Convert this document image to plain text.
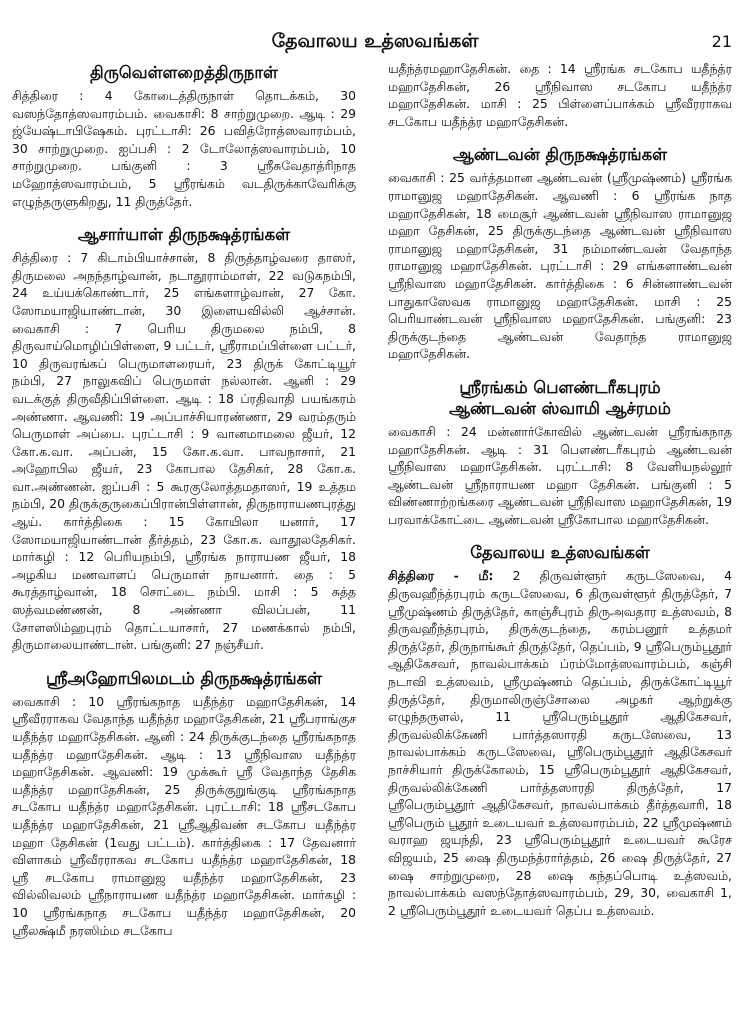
தேவாலய உத்ஸவங்கள்	21
திருவெள்ளறைத்திருநாள்

சித்திரை : 4 கோடைத்திருநாள் தொடக்கம், 30 வஸந்தோத்ஸவாரம்பம். வைகாசி: 8 சாற்றுமுறை. ஆடி : 29 ஜ்யேஷ்டாபிஷேகம். புரட்டாசி: 26 பவித்ரோத்ஸவாரம்பம், 30 சாற்றுமுறை. ஐப்பசி : 2 டோலோத்ஸவாரம்பம், 10 சாற்றுமுறை. பங்குனி : 3 ஸ்ரீசுவேதாத்ரிநாத மஹோத்ஸவாரம்பம், 5 ஸ்ரீரங்கம் வடதிருக்காவேரிக்கு எழுந்தருளுகிறது, 11 திருத்தேர்.

ஆசார்யாள் திருநக்ஷத்ரங்கள்

சித்திரை : 7 கிடாம்பியாச்சான், 8 திருத்தாழ்வரை தாஸர், திருமலை அநந்தாழ்வான், நடாதூராம்மாள், 22 வடுகநம்பி, 24 உய்யக்கொண்டார், 25 எங்களாழ்வான், 27 கோ. ஸோமயாஜியாண்டான், 30 இளையவில்லி ஆச்சான். வைகாசி : 7 பெரிய திருமலை நம்பி, 8 திருவாய்மொழிப்பிள்ளை, 9 பட்டர், ஸ்ரீராமப்பிள்ளை பட்டர், 10 திருவரங்கப் பெருமாளரையர், 23 திருக் கோட்டியூர் நம்பி, 27 நாலுகவிப் பெருமாள் நல்லான். ஆனி : 29 வடக்குத் திருவீதிப்பிள்ளை. ஆடி : 18 ப்ரதிவாதி பயங்கரம் அண்ணா. ஆவணி: 19 அப்பாச்சியாரண்ணா, 29 வரம்தரும் பெருமாள் அப்பை. புரட்டாசி : 9 வானமாமலை ஜீயர், 12 கோ.க.வா. அப்பன், 15 கோ.க.வா. பாவநாசார், 21 அஹோபில ஜீயர், 23 கோபால தேசிகர், 28 கோ.க. வா.அண்ணன். ஐப்பசி : 5 கூரகுலோத்தமதாஸர், 19 உத்தம நம்பி, 20 திருக்குருகைப்பிரான்பிள்ளான், திருநாராயணபுரத்து ஆய். கார்த்திகை : 15 கோயிலா யனார், 17 ஸோமயாஜியாண்டான் தீர்த்தம், 23 கோ.க. வாதூலதேசிகர். மார்கழி : 12 பெரியநம்பி, ஸ்ரீரங்க நாராயண ஜீயர், 18 அழகிய மணவாளப் பெருமாள் நாயனார். தை : 5 கூரத்தாழ்வான், 18 சொட்டை நம்பி. மாசி : 5 சுத்த ஸத்வமண்ணன், 8 அண்ணா விலப்பன், 11 சோளஸிம்ஹபுரம் தொட்டயாசார், 27 மணக்கால் நம்பி, திருமாலையாண்டான். பங்குனி: 27 நஞ்சீயர்.

ஸ்ரீஅஹோபிலமடம் திருநக்ஷத்ரங்கள்

வைகாசி : 10 ஸ்ரீரங்கநாத யதீந்த்ர மஹாதேசிகன், 14 ஸ்ரீவீரராகவ வேதாந்த யதீந்த்ர மஹாதேசிகன், 21 ஸ்ரீபராங்குச யதீந்த்ர மஹாதேசிகன். ஆனி : 24 திருக்குடந்தை ஸ்ரீரங்கநாத யதீந்த்ர மஹாதேசிகன். ஆடி : 13 ஸ்ரீநிவாஸ யதீந்த்ர மஹாதேசிகன். ஆவணி: 19 முக்கூர் ஸ்ரீ வேதாந்த தேசிக யதீந்த்ர மஹாதேசிகன், 25 திருக்குறுங்குடி ஸ்ரீரங்கநாத சடகோப யதீந்த்ர மஹாதேசிகன். புரட்டாசி: 18 ஸ்ரீசடகோப யதீந்த்ர மஹாதேசிகன், 21 ஸ்ரீஆதிவண் சடகோப யதீந்த்ர மஹா தேசிகன் (1வது பட்டம்). கார்த்திகை : 17 தேவனார் விளாகம் ஸ்ரீவீரராகவ சடகோப யதீந்த்ர மஹாதேசிகன், 18 ஸ்ரீ சடகோப ராமானுஜ யதீந்த்ர மஹாதேசிகன், 23 வில்லிவலம் ஸ்ரீநாராயண யதீந்த்ர மஹாதேசிகன். மார்கழி : 10 ஸ்ரீரங்கநாத சடகோப யதீந்த்ர மஹாதேசிகன், 20 ஸ்ரீலக்ஷ்மீ நரஸிம்ம சடகோப

யதீந்த்ரமஹாதேசிகன். தை : 14 ஸ்ரீரங்க சடகோப யதீந்த்ர மஹாதேசிகன், 26 ஸ்ரீநிவாஸ சடகோப யதீந்த்ர மஹாதேசிகன். மாசி : 25 பிள்ளைப்பாக்கம் ஸ்ரீவீரராகவ சடகோப யதீந்த்ர மஹாதேசிகன்.

ஆண்டவன் திருநக்ஷத்ரங்கள்

வைகாசி : 25 வர்த்தமான ஆண்டவன் (ஸ்ரீமுஷ்ணம்) ஸ்ரீரங்க ராமானுஜ மஹாதேசிகன். ஆவணி : 6 ஸ்ரீரங்க நாத மஹாதேசிகன், 18 மைசூர் ஆண்டவன் ஸ்ரீநிவாஸ ராமானுஜ மஹா தேசிகன், 25 திருக்குடந்தை ஆண்டவன் ஸ்ரீநிவாஸ ராமானுஜ மஹாதேசிகன், 31 நம்மாண்டவன் வேதாந்த ராமானுஜ மஹாதேசிகன். புரட்டாசி : 29 எங்களாண்டவன் ஸ்ரீநிவாஸ மஹாதேசிகன். கார்த்திகை : 6 சின்னாண்டவன் பாதுகாஸேவக ராமானுஜ மஹாதேசிகன். மாசி : 25 பெரியாண்டவன் ஸ்ரீநிவாஸ மஹாதேசிகன். பங்குனி: 23 திருக்குடந்தை ஆண்டவன் வேதாந்த ராமானுஜ மஹாதேசிகன்.

ஸ்ரீரங்கம் பௌண்டரீகபுரம்
ஆண்டவன் ஸ்வாமி ஆச்ரமம்

வைகாசி : 24 மன்னார்கோவில் ஆண்டவன் ஸ்ரீரங்கநாத மஹாதேசிகன். ஆடி : 31 பௌண்டரீகபுரம் ஆண்டவன் ஸ்ரீநிவாஸ மஹாதேசிகன். புரட்டாசி: 8 வேளியநல்லூர் ஆண்டவன் ஸ்ரீநாராயண மஹா தேசிகன். பங்குனி : 5 விண்ணாற்றங்கரை ஆண்டவன் ஸ்ரீநிவாஸ மஹாதேசிகன், 19 பரவாக்கோட்டை ஆண்டவன் ஸ்ரீகோபால மஹாதேசிகன்.

தேவாலய உத்ஸவங்கள்

சித்திரை - மீ: 2 திருவள்ளூர் கருடஸேவை, 4 திருவஹீந்த்ரபுரம் கருடஸேவை, 6 திருவள்ளூர் திருத்தேர், 7 ஸ்ரீமுஷ்ணம் திருத்தேர், காஞ்சீபுரம் திருஅவதார உத்ஸவம், 8 திருவஹீந்த்ரபுரம், திருக்குடந்தை, கரம்பனூர் உத்தமர் திருத்தேர், திருநாங்கூர் திருத்தேர், தெப்பம், 9 ஸ்ரீபெரும்பூதூர் ஆதிகேசவர், நாவல்பாக்கம் ப்ரம்மோத்ஸவாரம்பம், கஞ்சி நடாவி உத்ஸவம், ஸ்ரீமுஷ்ணம் தெப்பம், திருக்கோட்டியூர் திருத்தேர், திருமாலிருஞ்சோலை அழகர் ஆற்றுக்கு எழுந்தருளல், 11 ஸ்ரீபெரும்பூதூர் ஆதிகேசவர், திருவல்லிக்கேணி பார்த்தஸாரதி கருடஸேவை, 13 நாவல்பாக்கம் கருடஸேவை, ஸ்ரீபெரும்பூதூர் ஆதிகேசவர் நாச்சியார் திருக்கோலம், 15 ஸ்ரீபெரும்பூதூர் ஆதிகேசவர், திருவல்லிக்கேணி பார்த்தஸாரதி திருத்தேர், 17 ஸ்ரீபெரும்பூதூர் ஆதிகேசவர், நாவல்பாக்கம் தீர்த்தவாரி, 18 ஸ்ரீபெரும் பூதூர் உடையவர் உத்ஸவாரம்பம், 22 ஸ்ரீமுஷ்ணம் வராஹ ஜயந்தி, 23 ஸ்ரீபெரும்பூதூர் உடையவர் கூரேச விஜயம், 25 ஷை திருமந்த்ரார்த்தம், 26 ஷை திருத்தேர், 27 ஷை சாற்றுமுறை, 28 ஷை கந்தப்பொடி உத்ஸவம், நாவல்பாக்கம் வஸந்தோத்ஸவாரம்பம், 29, 30, வைகாசி 1, 2 ஸ்ரீபெரும்பூதூர் உடையவர் தெப்ப உத்ஸவம்.
